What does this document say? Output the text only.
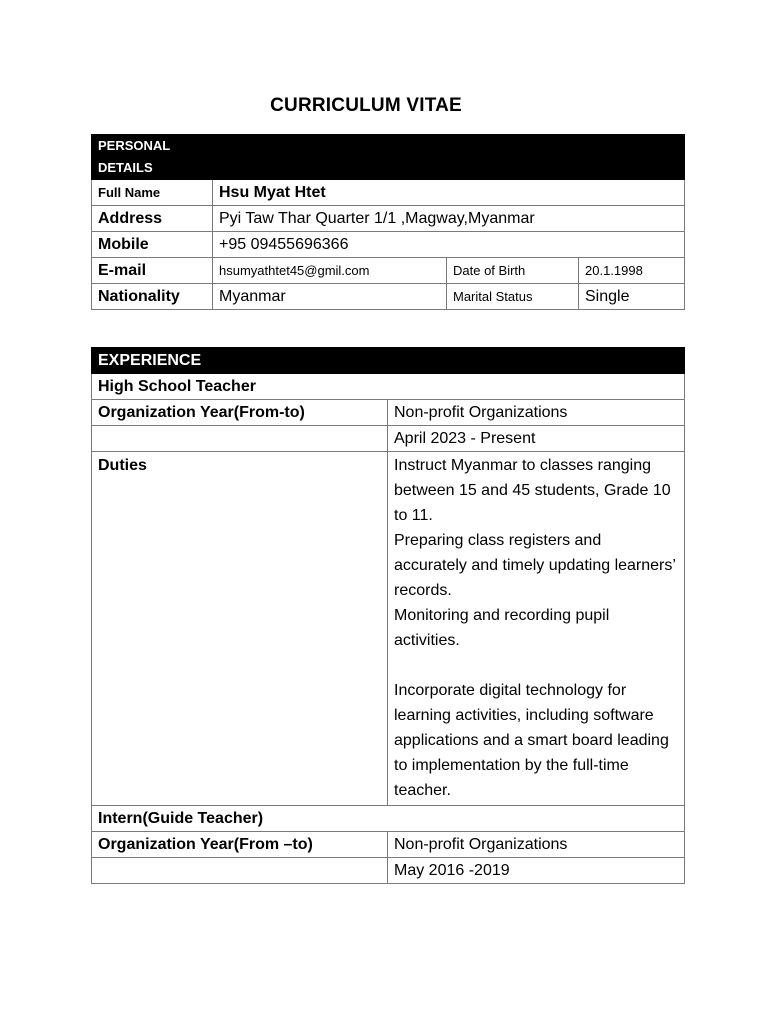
CURRICULUM VITAE
PERSONAL DETAILS			

Full Name	Hsu Myat Htet		
Address	Pyi Taw Thar Quarter 1/1 ,Magway,Myanmar		
Mobile	+95 09455696366		
E-mail	hsumyathtet45@gmil.com	Date of Birth	20.1.1998
Nationality	Myanmar	Marital Status	Single
EXPERIENCE	
High School Teacher	
Organization Year(From-to)	Non-profit Organizations
	April 2023 - Present
Duties	Instruct Myanmar to classes ranging between 15 and 45 students, Grade 10 to 11.
Preparing class registers and accurately and timely updating learners’ records.
Monitoring and recording pupil activities.
Incorporate digital technology for learning activities, including software applications and a smart board leading to implementation by the full-time teacher.

Intern(Guide Teacher)	
Organization Year(From –to)	Non-profit Organizations
	May 2016 -2019
